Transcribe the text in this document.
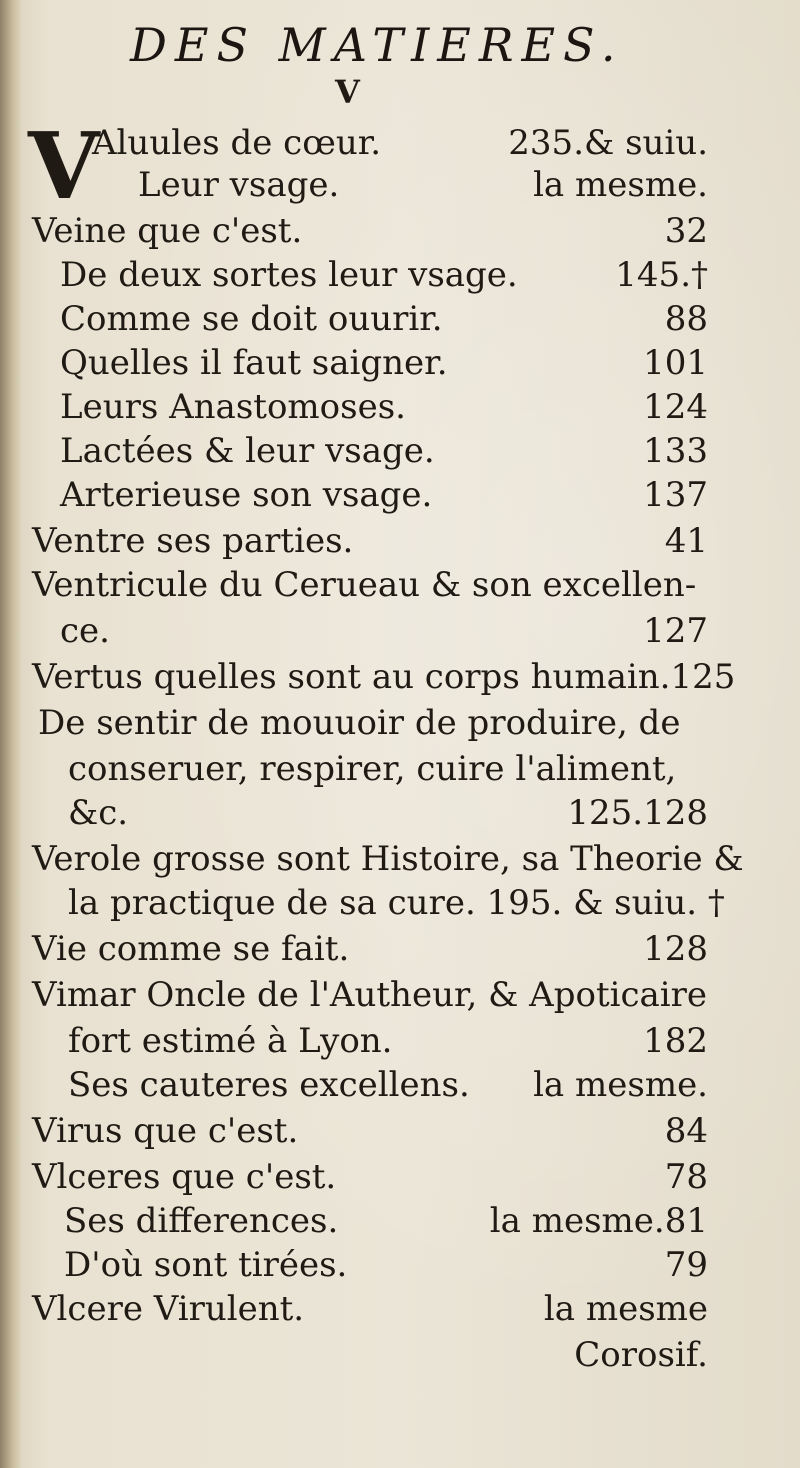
DES MATIERES.
V
V
Aluules de cœur.	235.& suiu.
Leur vsage.	la mesme.
Veine que c'est.	32
De deux sortes leur vsage.	145.†
Comme se doit ouurir.	88
Quelles il faut saigner.	101
Leurs Anastomoses.	124
Lactées & leur vsage.	133
Arterieuse son vsage.	137
Ventre ses parties.	41
Ventricule du Cerueau & son excellen-
ce.	127
Vertus quelles sont au corps humain.125
De sentir de mouuoir de produire, de
conseruer, respirer, cuire l'aliment,
&c.	125.128
Verole grosse sont Histoire, sa Theorie &
la practique de sa cure. 195. & suiu. †
Vie comme se fait.	128
Vimar Oncle de l'Autheur, & Apoticaire
fort estimé à Lyon.	182
Ses cauteres excellens. la mesme.
Virus que c'est.	84
Vlceres que c'est.	78
Ses differences.	la mesme.81
D'où sont tirées.	79
Vlcere Virulent.	la mesme
Corosif.
